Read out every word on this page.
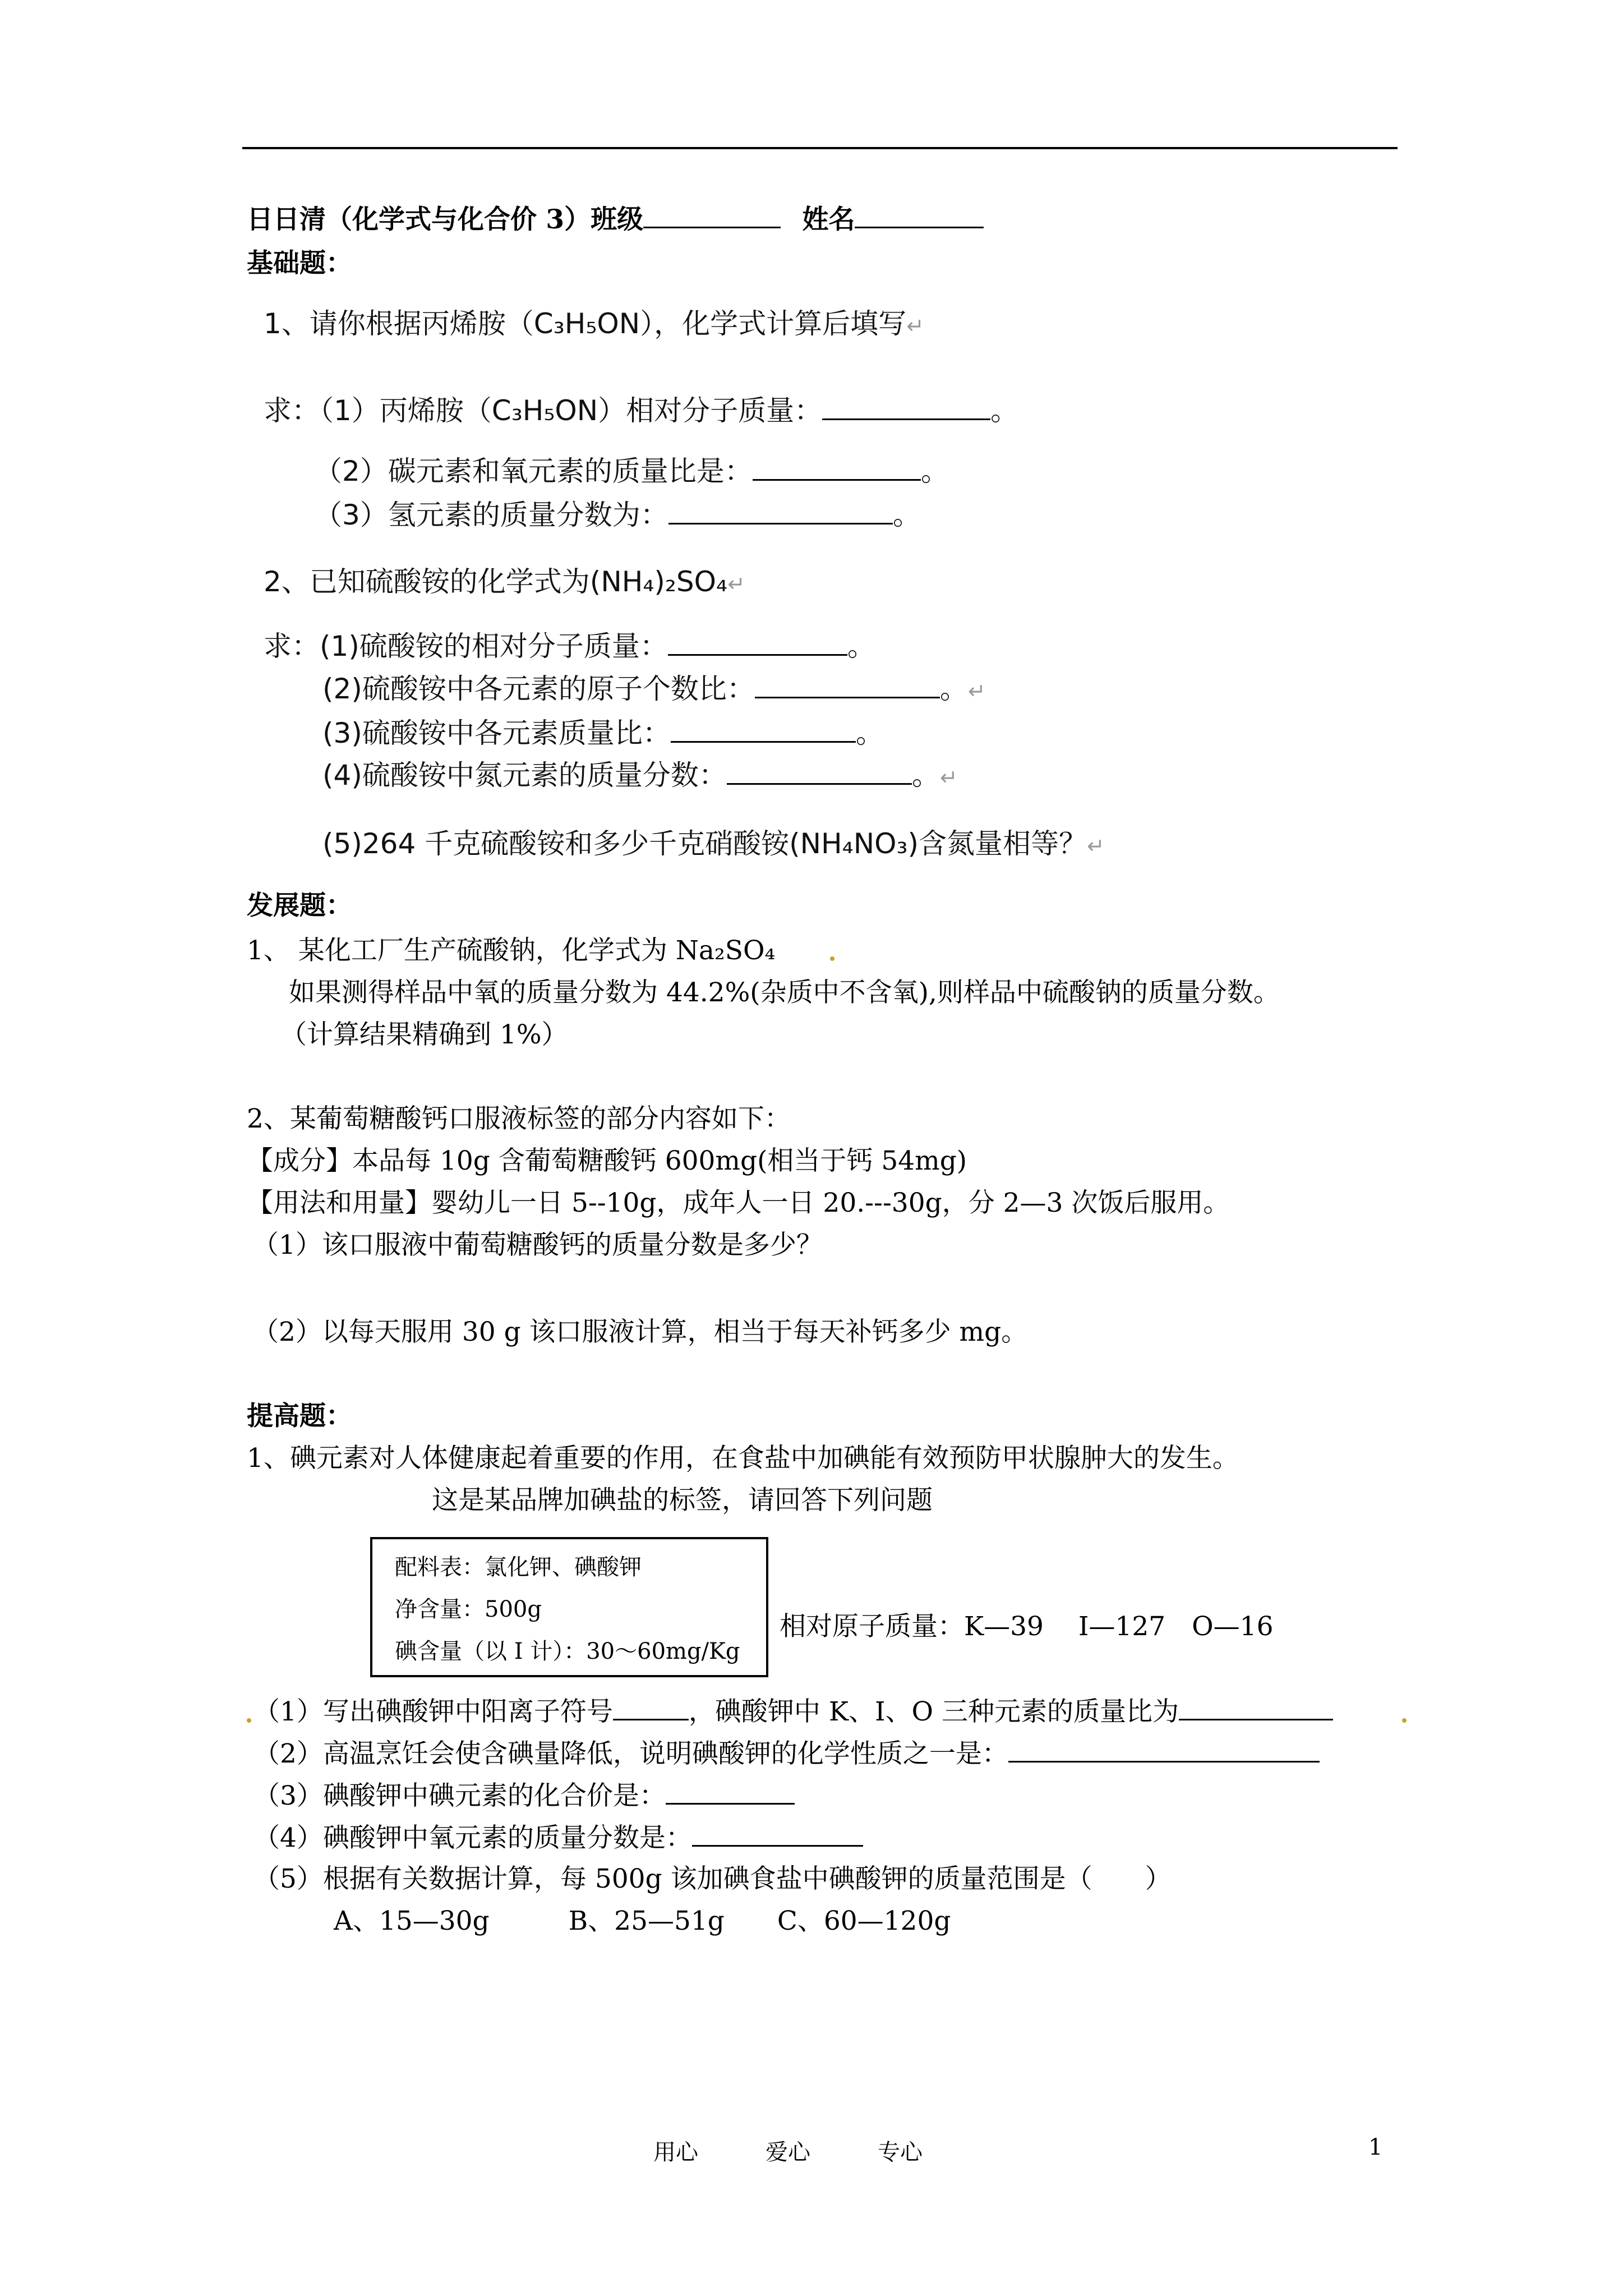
日日清（化学式与化合价 3）班级	姓名
基础题：
1、请你根据丙烯胺（C₃H₅ON），化学式计算后填写↵
求：（1）丙烯胺（C₃H₅ON）相对分子质量：	。
（2）碳元素和氧元素的质量比是：	。
（3）氢元素的质量分数为：	。
2、已知硫酸铵的化学式为(NH₄)₂SO₄↵
求：(1)硫酸铵的相对分子质量：	。
(2)硫酸铵中各元素的原子个数比：	。↵
(3)硫酸铵中各元素质量比：	。
(4)硫酸铵中氮元素的质量分数：	。↵
(5)264 千克硫酸铵和多少千克硝酸铵(NH₄NO₃)含氮量相等？↵
发展题：
1、 某化工厂生产硫酸钠，化学式为 Na₂SO₄
如果测得样品中氧的质量分数为 44.2%(杂质中不含氧),则样品中硫酸钠的质量分数。
（计算结果精确到 1%）
2、某葡萄糖酸钙口服液标签的部分内容如下：
【成分】本品每 10g 含葡萄糖酸钙 600mg(相当于钙 54mg)
【用法和用量】婴幼儿一日 5--10g，成年人一日 20.---30g，分 2—3 次饭后服用。
（1）该口服液中葡萄糖酸钙的质量分数是多少？
（2）以每天服用 30 g 该口服液计算，相当于每天补钙多少 mg。
提高题：
1、碘元素对人体健康起着重要的作用，在食盐中加碘能有效预防甲状腺肿大的发生。
这是某品牌加碘盐的标签，请回答下列问题
配料表：氯化钾、碘酸钾
净含量：500g
碘含量（以 I 计）：30～60mg/Kg
相对原子质量：K—39　 I—127　O—16
（1）写出碘酸钾中阳离子符号	，碘酸钾中 K、I、O 三种元素的质量比为
（2）高温烹饪会使含碘量降低，说明碘酸钾的化学性质之一是：
（3）碘酸钾中碘元素的化合价是：
（4）碘酸钾中氧元素的质量分数是：
（5）根据有关数据计算，每 500g 该加碘食盐中碘酸钾的质量范围是（　　）
A、15—30g　　　B、25—51g　　C、60—120g
用心	爱心	专心	1
